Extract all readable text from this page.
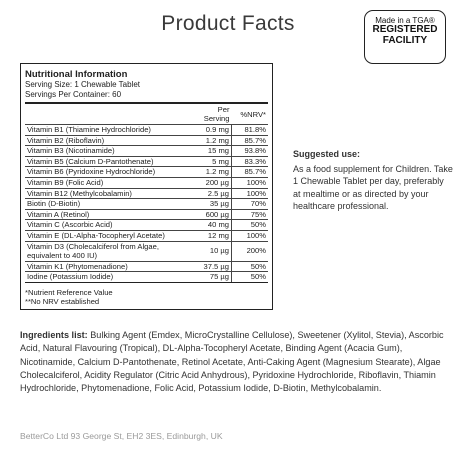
Product Facts	Made in a TGA®
REGISTERED
FACILITY
Nutritional Information
Serving Size: 1 Chewable Tablet
Servings Per Container: 60
	Per Serving	%NRV*
Vitamin B1 (Thiamine Hydrochloride)	0.9 mg	81.8%
Vitamin B2 (Riboflavin)	1.2 mg	85.7%
Vitamin B3 (Nicotinamide)	15 mg	93.8%
Vitamin B5 (Calcium D-Pantothenate)	5 mg	83.3%
Vitamin B6 (Pyridoxine Hydrochloride)	1.2 mg	85.7%
Vitamin B9 (Folic Acid)	200 µg	100%
Vitamin B12 (Methylcobalamin)	2.5 µg	100%
Biotin (D-Biotin)	35 µg	70%
Vitamin A (Retinol)	600 µg	75%
Vitamin C (Ascorbic Acid)	40 mg	50%
Vitamin E (DL-Alpha-Tocopheryl Acetate)	12 mg	100%
Vitamin D3 (Cholecalciferol from Algae, equivalent to 400 IU)	10 µg	200%
Vitamin K1 (Phytomenadione)	37.5 µg	50%
Iodine (Potassium Iodide)	75 µg	50%
*Nutrient Reference Value
**No NRV established
Suggested use:
As a food supplement for Children. Take 1 Chewable Tablet per day, preferably at mealtime or as directed by your healthcare professional.
Ingredients list: Bulking Agent (Emdex, MicroCrystalline Cellulose), Sweetener (Xylitol, Stevia), Ascorbic Acid, Natural Flavouring (Tropical), DL-Alpha-Tocopheryl Acetate, Binding Agent (Acacia Gum), Nicotinamide, Calcium D-Pantothenate, Retinol Acetate, Anti-Caking Agent (Magnesium Stearate), Algae Cholecalciferol, Acidity Regulator (Citric Acid Anhydrous), Pyridoxine Hydrochloride, Riboflavin, Thiamin Hydrochloride, Phytomenadione, Folic Acid, Potassium Iodide, D-Biotin, Methylcobalamin.
BetterCo Ltd 93 George St, EH2 3ES, Edinburgh, UK
